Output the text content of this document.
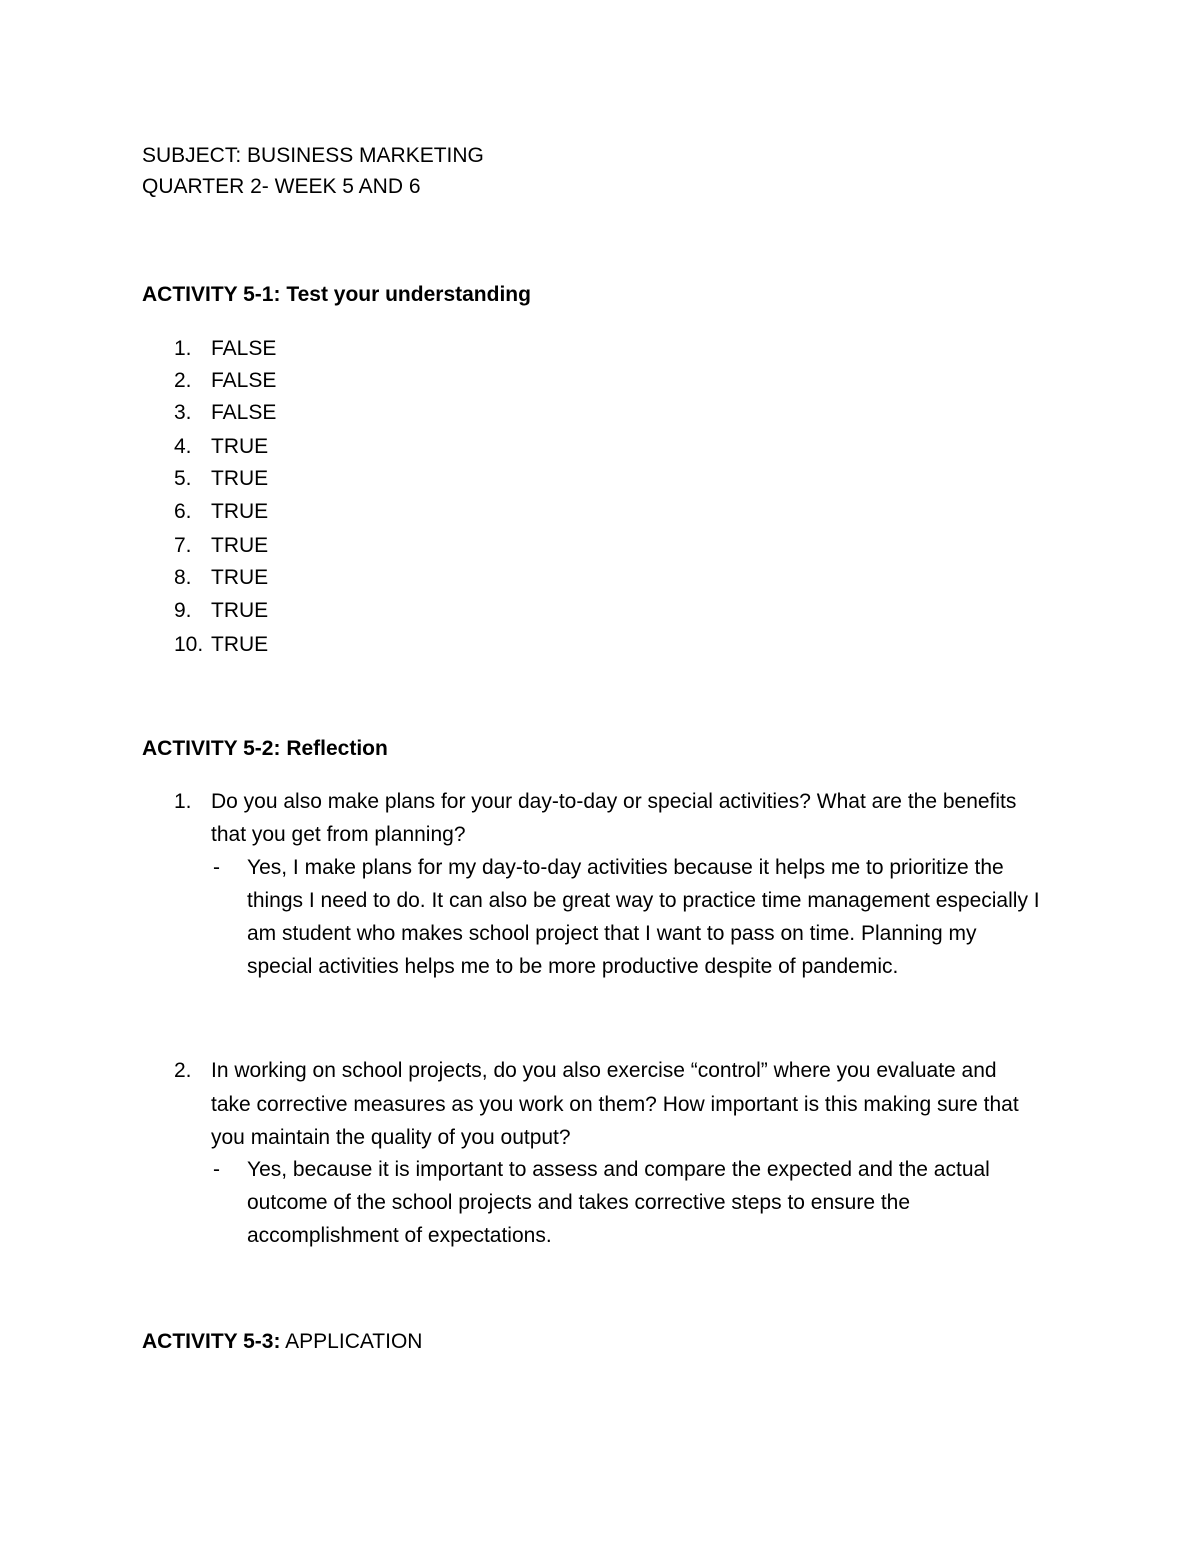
SUBJECT: BUSINESS MARKETING
QUARTER 2- WEEK 5 AND 6
ACTIVITY 5-1: Test your understanding
1. FALSE
2. FALSE
3. FALSE
4. TRUE
5. TRUE
6. TRUE
7. TRUE
8. TRUE
9. TRUE
10. TRUE
ACTIVITY 5-2: Reflection
1. Do you also make plans for your day-to-day or special activities? What are the benefits
that you get from planning?
- Yes, I make plans for my day-to-day activities because it helps me to prioritize the
things I need to do. It can also be great way to practice time management especially I
am student who makes school project that I want to pass on time. Planning my
special activities helps me to be more productive despite of pandemic.
2. In working on school projects, do you also exercise “control” where you evaluate and
take corrective measures as you work on them? How important is this making sure that
you maintain the quality of you output?
- Yes, because it is important to assess and compare the expected and the actual
outcome of the school projects and takes corrective steps to ensure the
accomplishment of expectations.
ACTIVITY 5-3: APPLICATION
